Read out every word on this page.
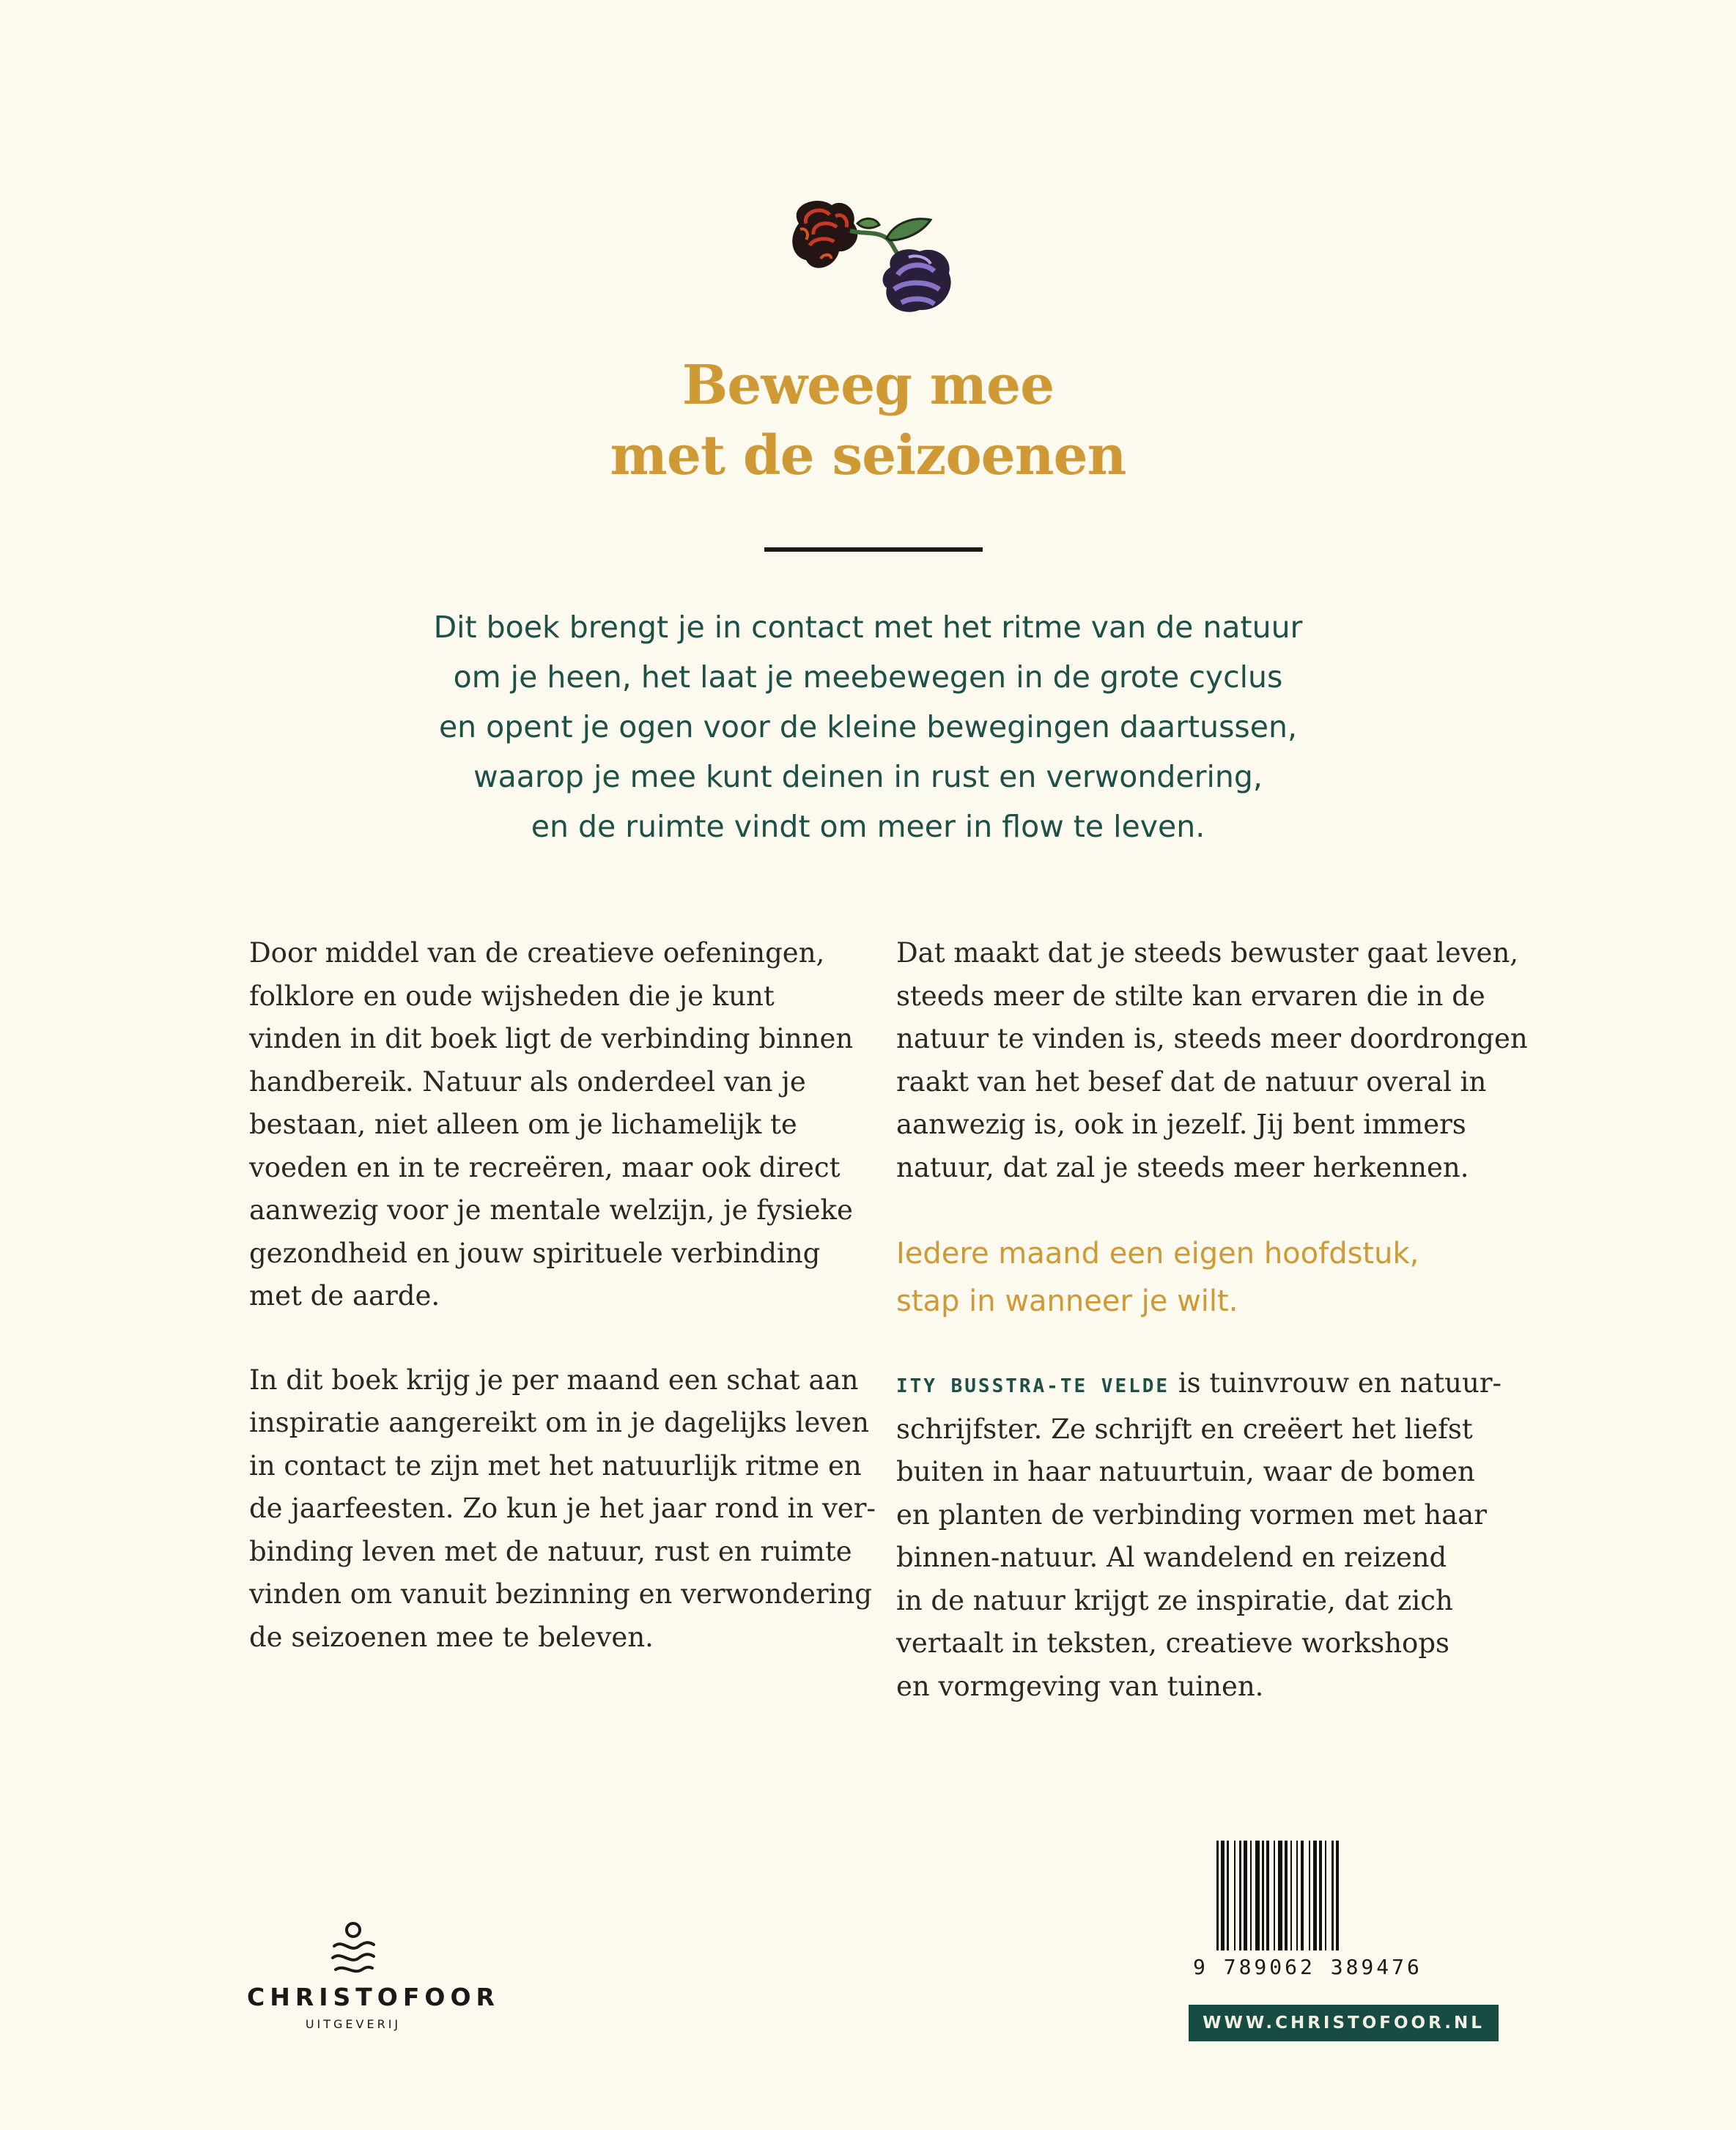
Beweeg mee
met de seizoenen
Dit boek brengt je in contact met het ritme van de natuur
om je heen, het laat je meebewegen in de grote cyclus
en opent je ogen voor de kleine bewegingen daartussen,
waarop je mee kunt deinen in rust en verwondering,
en de ruimte vindt om meer in flow te leven.

Door middel van de creatieve oefeningen,
folklore en oude wijsheden die je kunt
vinden in dit boek ligt de verbinding binnen
handbereik. Natuur als onderdeel van je
bestaan, niet alleen om je lichamelijk te
voeden en in te recreëren, maar ook direct
aanwezig voor je mentale welzijn, je fysieke
gezondheid en jouw spirituele verbinding
met de aarde.

In dit boek krijg je per maand een schat aan
inspiratie aangereikt om in je dagelijks leven
in contact te zijn met het natuurlijk ritme en
de jaarfeesten. Zo kun je het jaar rond in ver-
binding leven met de natuur, rust en ruimte
vinden om vanuit bezinning en verwondering
de seizoenen mee te beleven.

Dat maakt dat je steeds bewuster gaat leven,
steeds meer de stilte kan ervaren die in de
natuur te vinden is, steeds meer doordrongen
raakt van het besef dat de natuur overal in
aanwezig is, ook in jezelf. Jij bent immers
natuur, dat zal je steeds meer herkennen.

Iedere maand een eigen hoofdstuk,
stap in wanneer je wilt.

ITY BUSSTRA-TE VELDE is tuinvrouw en natuur-
schrijfster. Ze schrijft en creëert het liefst
buiten in haar natuurtuin, waar de bomen
en planten de verbinding vormen met haar
binnen-natuur. Al wandelend en reizend
in de natuur krijgt ze inspiratie, dat zich
vertaalt in teksten, creatieve workshops
en vormgeving van tuinen.

CHRISTOFOOR
UITGEVERIJ
9 789062 389476
WWW.CHRISTOFOOR.NL
